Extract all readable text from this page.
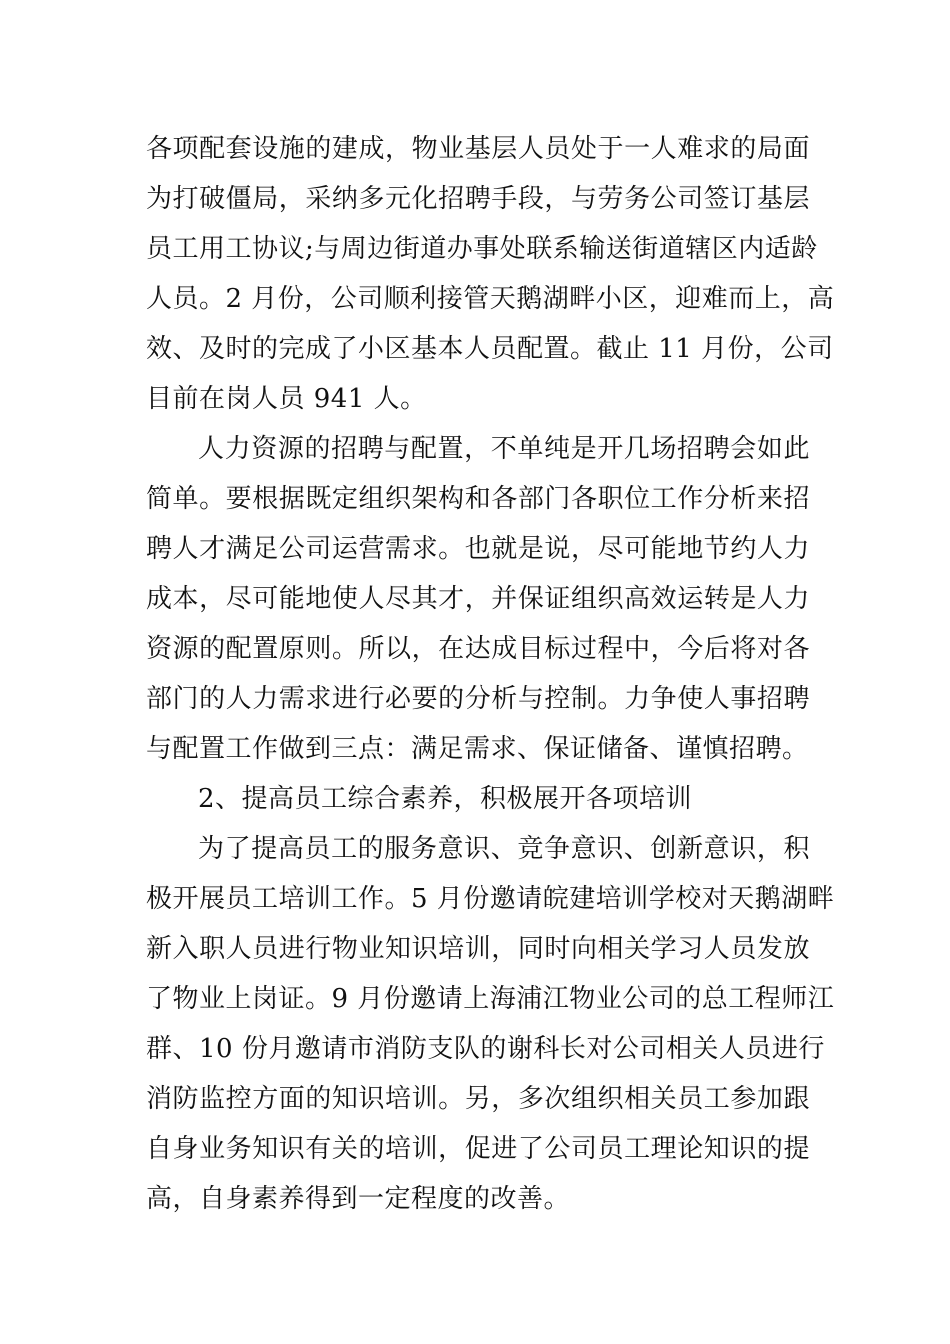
各项配套设施的建成，物业基层人员处于一人难求的局面
为打破僵局，采纳多元化招聘手段，与劳务公司签订基层
员工用工协议;与周边街道办事处联系输送街道辖区内适龄
人员。2 月份，公司顺利接管天鹅湖畔小区，迎难而上，高
效、及时的完成了小区基本人员配置。截止 11 月份，公司
目前在岗人员 941 人。
人力资源的招聘与配置，不单纯是开几场招聘会如此
简单。要根据既定组织架构和各部门各职位工作分析来招
聘人才满足公司运营需求。也就是说，尽可能地节约人力
成本，尽可能地使人尽其才，并保证组织高效运转是人力
资源的配置原则。所以，在达成目标过程中，今后将对各
部门的人力需求进行必要的分析与控制。力争使人事招聘
与配置工作做到三点：满足需求、保证储备、谨慎招聘。
2、提高员工综合素养，积极展开各项培训
为了提高员工的服务意识、竞争意识、创新意识，积
极开展员工培训工作。5 月份邀请皖建培训学校对天鹅湖畔
新入职人员进行物业知识培训，同时向相关学习人员发放
了物业上岗证。9 月份邀请上海浦江物业公司的总工程师江
群、10 份月邀请市消防支队的谢科长对公司相关人员进行
消防监控方面的知识培训。另，多次组织相关员工参加跟
自身业务知识有关的培训，促进了公司员工理论知识的提
高，自身素养得到一定程度的改善。
